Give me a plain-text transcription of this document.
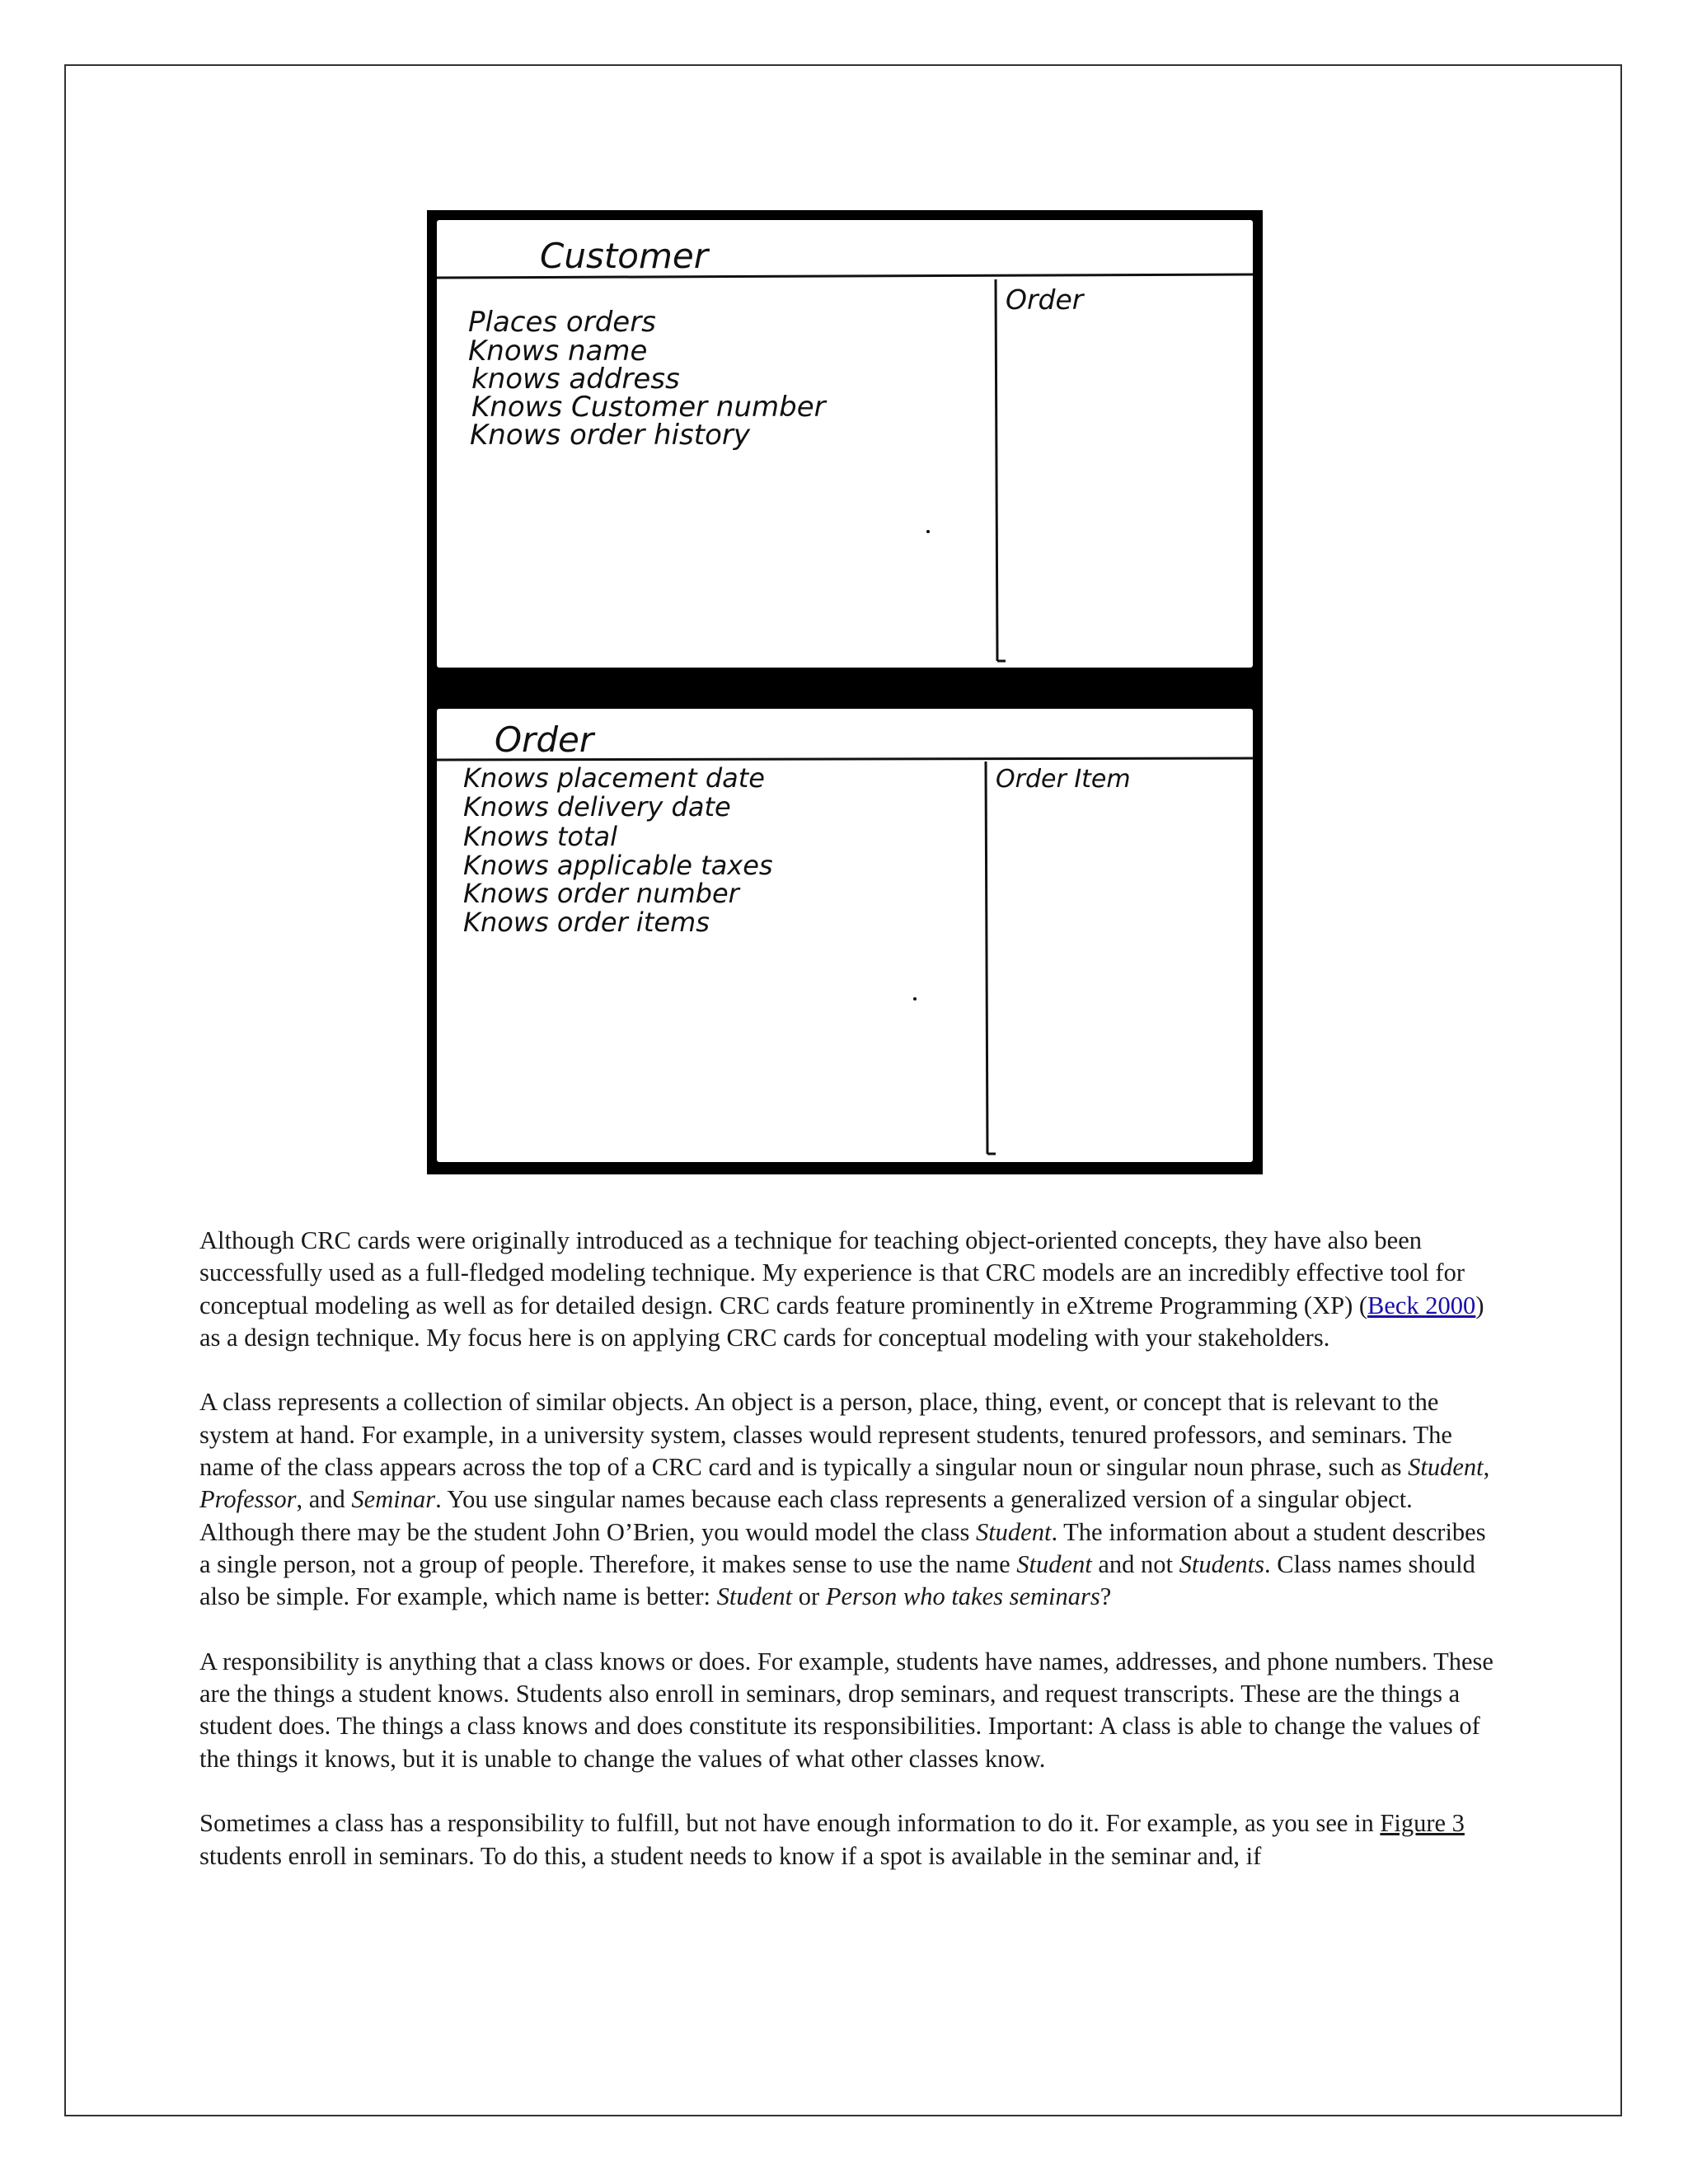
Customer
Order
Places orders
Knows name
knows address
Knows Customer number
Knows order history
Order
Order Item
Knows placement date
Knows delivery date
Knows total
Knows applicable taxes
Knows order number
Knows order items

Although CRC cards were originally introduced as a technique for teaching object-oriented concepts, they have also been successfully used as a full-fledged modeling technique. My experience is that CRC models are an incredibly effective tool for conceptual modeling as well as for detailed design. CRC cards feature prominently in eXtreme Programming (XP) (Beck 2000) as a design technique. My focus here is on applying CRC cards for conceptual modeling with your stakeholders.

A class represents a collection of similar objects. An object is a person, place, thing, event, or concept that is relevant to the system at hand. For example, in a university system, classes would represent students, tenured professors, and seminars. The name of the class appears across the top of a CRC card and is typically a singular noun or singular noun phrase, such as Student, Professor, and Seminar. You use singular names because each class represents a generalized version of a singular object. Although there may be the student John O’Brien, you would model the class Student. The information about a student describes a single person, not a group of people. Therefore, it makes sense to use the name Student and not Students. Class names should also be simple. For example, which name is better: Student or Person who takes seminars?

A responsibility is anything that a class knows or does. For example, students have names, addresses, and phone numbers. These are the things a student knows. Students also enroll in seminars, drop seminars, and request transcripts. These are the things a student does. The things a class knows and does constitute its responsibilities. Important: A class is able to change the values of the things it knows, but it is unable to change the values of what other classes know.

Sometimes a class has a responsibility to fulfill, but not have enough information to do it. For example, as you see in Figure 3 students enroll in seminars. To do this, a student needs to know if a spot is available in the seminar and, if
